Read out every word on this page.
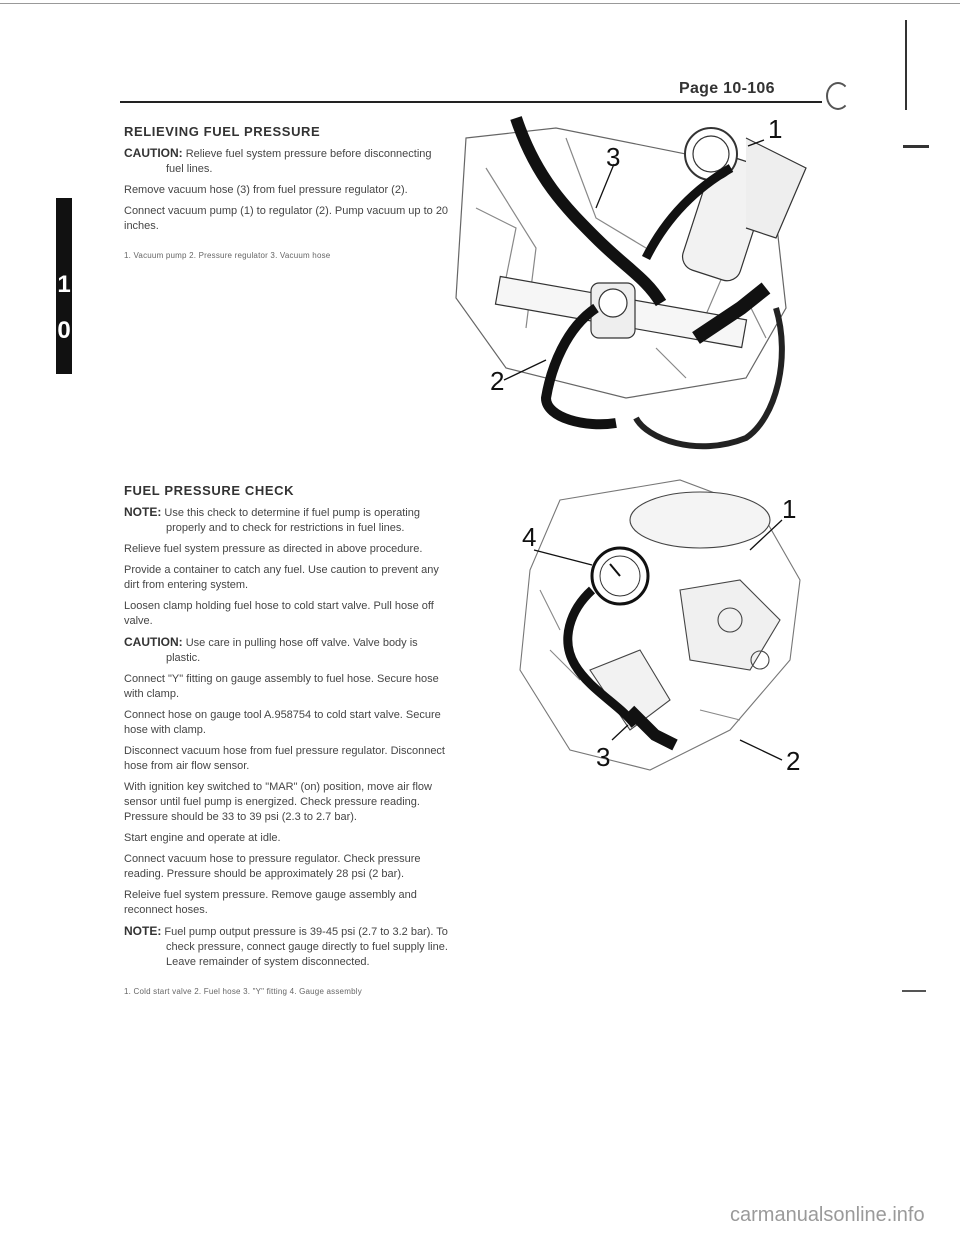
Page 10-106
1
0
RELIEVING FUEL PRESSURE

CAUTION: Relieve fuel system pressure before disconnecting fuel lines.

Remove vacuum hose (3) from fuel pressure regulator (2).

Connect vacuum pump (1) to regulator (2). Pump vacuum up to 20 inches.

1. Vacuum pump 2. Pressure regulator 3. Vacuum hose

1
3
2
FUEL PRESSURE CHECK

NOTE: Use this check to determine if fuel pump is operating properly and to check for restrictions in fuel lines.

Relieve fuel system pressure as directed in above procedure.

Provide a container to catch any fuel. Use caution to prevent any dirt from entering system.

Loosen clamp holding fuel hose to cold start valve. Pull hose off valve.

CAUTION: Use care in pulling hose off valve. Valve body is plastic.

Connect "Y" fitting on gauge assembly to fuel hose. Secure hose with clamp.

Connect hose on gauge tool A.958754 to cold start valve. Secure hose with clamp.

Disconnect vacuum hose from fuel pressure regulator. Disconnect hose from air flow sensor.

With ignition key switched to "MAR" (on) position, move air flow sensor until fuel pump is energized. Check pressure reading. Pressure should be 33 to 39 psi (2.3 to 2.7 bar).

Start engine and operate at idle.

Connect vacuum hose to pressure regulator. Check pressure reading. Pressure should be approximately 28 psi (2 bar).

Releive fuel system pressure. Remove gauge assembly and reconnect hoses.

NOTE: Fuel pump output pressure is 39-45 psi (2.7 to 3.2 bar). To check pressure, connect gauge directly to fuel supply line. Leave remainder of system disconnected.

1. Cold start valve 2. Fuel hose 3. "Y" fitting 4. Gauge assembly

4
1
2
3
carmanualsonline.info
